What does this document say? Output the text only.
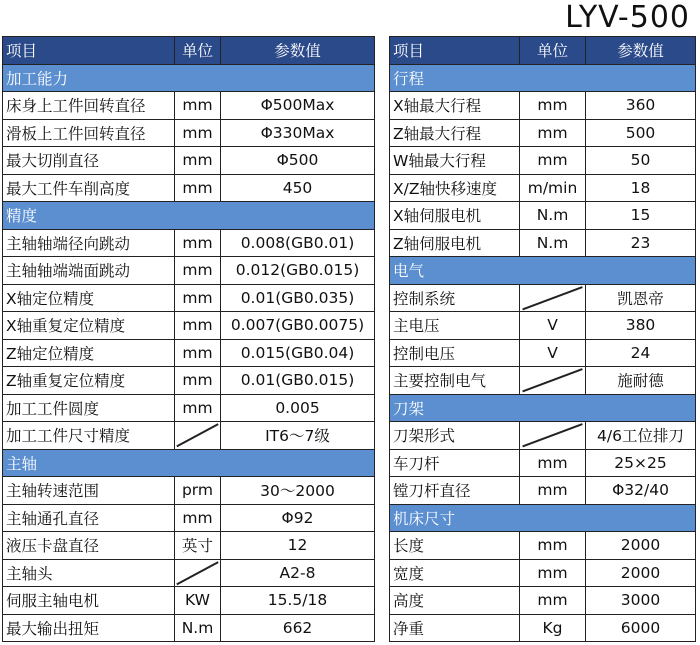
LYV-500
项目	单位	参数值
加工能力		
床身上工件回转直径	mm	Φ500Max
滑板上工件回转直径	mm	Φ330Max
最大切削直径	mm	Φ500
最大工件车削高度	mm	450
精度		
主轴轴端径向跳动	mm	0.008(GB0.01)
主轴轴端端面跳动	mm	0.012(GB0.015)
X轴定位精度	mm	0.01(GB0.035)
X轴重复定位精度	mm	0.007(GB0.0075)
Z轴定位精度	mm	0.015(GB0.04)
Z轴重复定位精度	mm	0.01(GB0.015)
加工工件圆度	mm	0.005
加工工件尺寸精度		IT6～7级
主轴		
主轴转速范围	prm	30～2000
主轴通孔直径	mm	Φ92
液压卡盘直径	英寸	12
主轴头		A2-8
伺服主轴电机	KW	15.5/18
最大输出扭矩	N.m	662
项目	单位	参数值
行程		
X轴最大行程	mm	360
Z轴最大行程	mm	500
W轴最大行程	mm	50
X/Z轴快移速度	m/min	18
X轴伺服电机	N.m	15
Z轴伺服电机	N.m	23
电气		
控制系统		凯恩帝
主电压	V	380
控制电压	V	24
主要控制电气		施耐德
刀架		
刀架形式		4/6工位排刀
车刀杆	mm	25×25
镗刀杆直径	mm	Φ32/40
机床尺寸		
长度	mm	2000
宽度	mm	2000
高度	mm	3000
净重	Kg	6000
